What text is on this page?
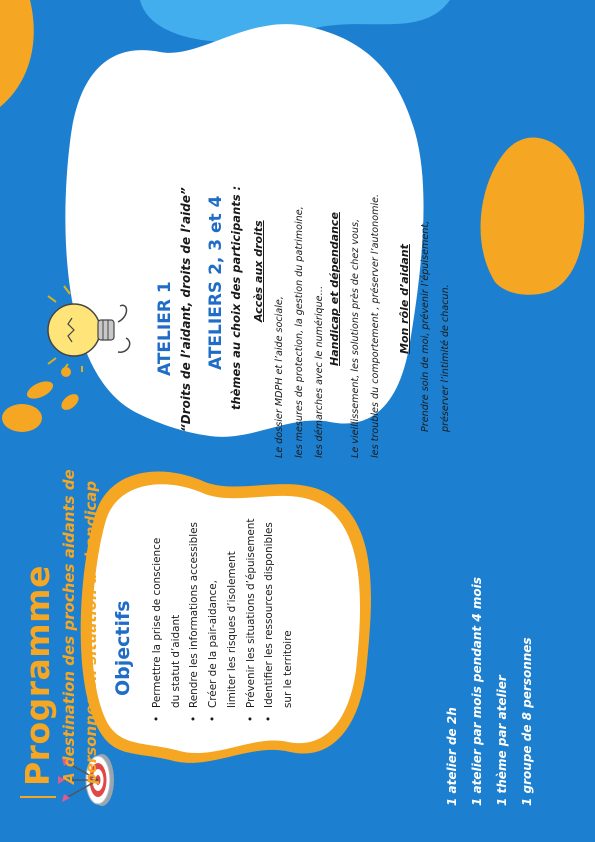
Programme A destination des proches aidants de personnes en situation de handicap Objectifs
•
Permettre la prise de conscience du statut d’aidant
•
Rendre les informations accessibles
•
Créer de la pair-aidance, limiter les risques d’isolement
•
Prévenir les situations d’épuisement
•
Identifier les ressources disponibles sur le territoire
1 atelier de 2h 1 atelier par mois pendant 4 mois 1 thème par atelier 1 groupe de 8 personnes
ATELIER 1 “Droits de l’aidant, droits de l’aide” ATELIERS 2, 3 et 4 thèmes au choix des participants : Accès aux droits
Le dossier MDPH et l’aide sociale, les mesures de protection, la gestion du patrimoine, les démarches avec le numérique… Handicap et dépendance Le vieillissement, les solutions près de chez vous, les troubles du comportement , préserver l’autonomie.	Mon rôle d’aidant Prendre soin de moi, prévenir l’épuisement, préserver l’intimité de chacun.
